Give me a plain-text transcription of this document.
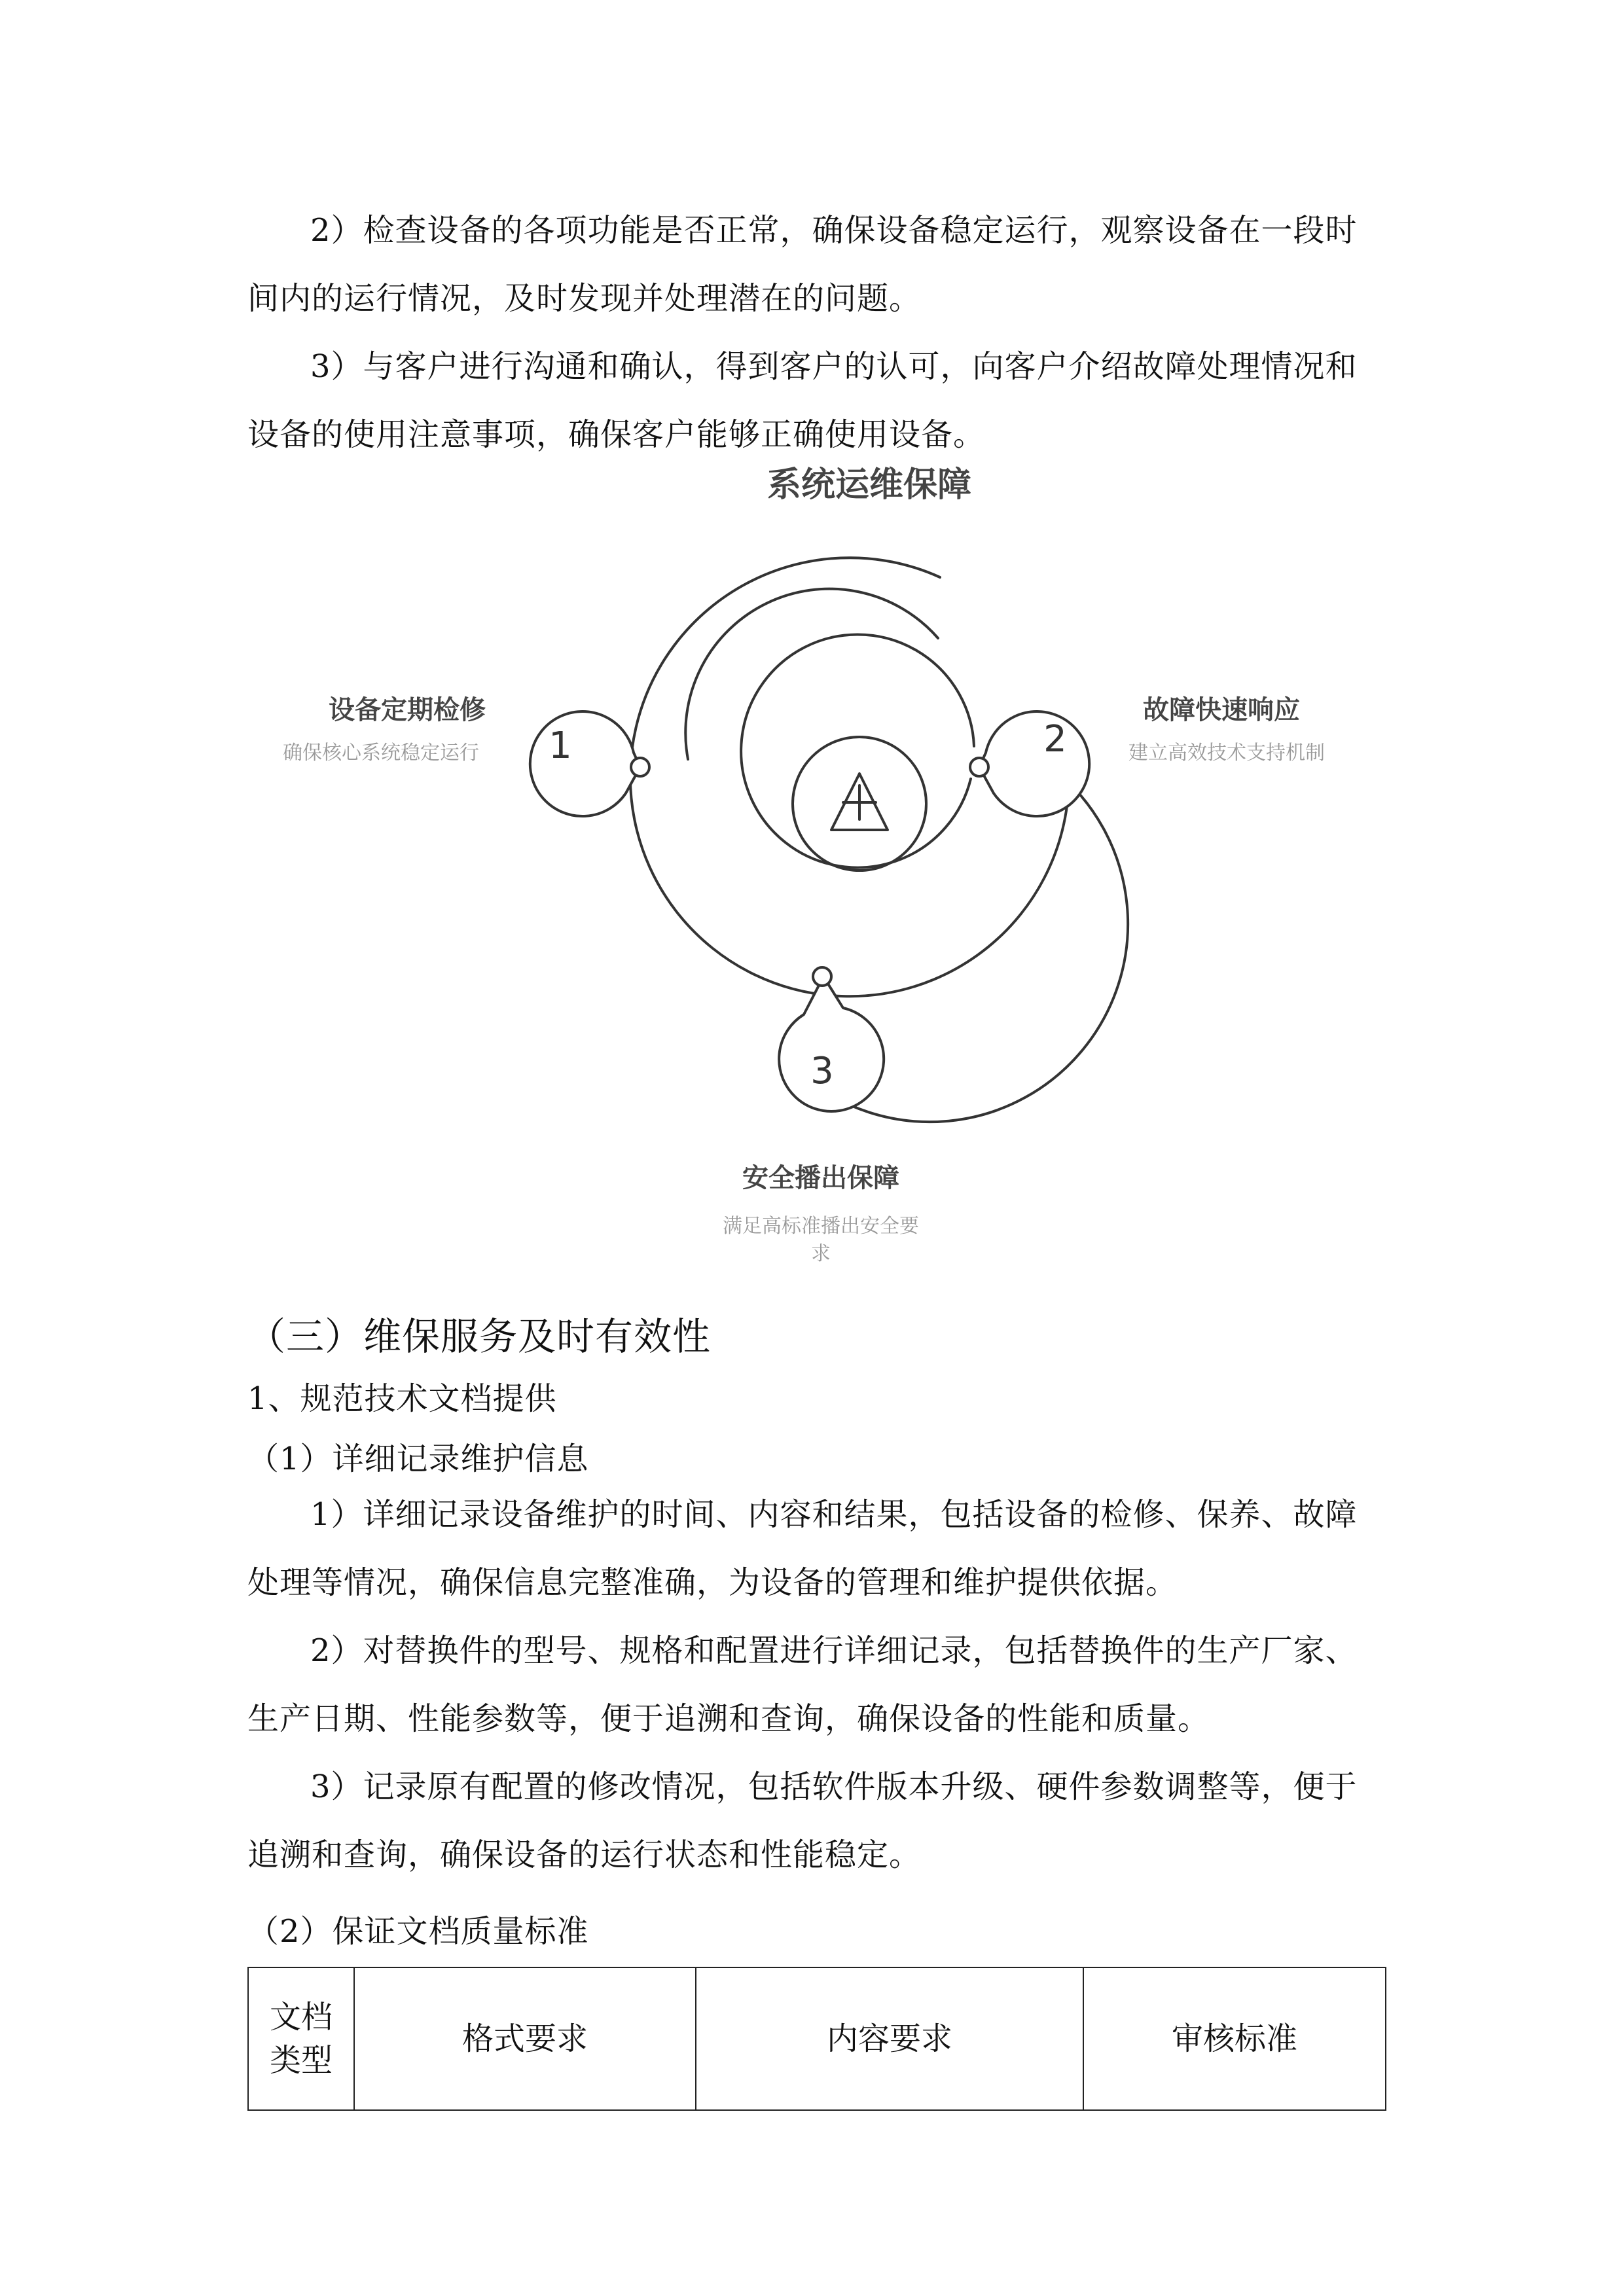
2）检查设备的各项功能是否正常，确保设备稳定运行，观察设备在一段时间内的运行情况，及时发现并处理潜在的问题。

3）与客户进行沟通和确认，得到客户的认可，向客户介绍故障处理情况和设备的使用注意事项，确保客户能够正确使用设备。

系统运维保障
1
设备定期检修
确保核心系统稳定运行	2
故障快速响应
建立高效技术支持机制
3
安全播出保障
满足高标准播出安全要
求

（三）维保服务及时有效性

1、规范技术文档提供

（1）详细记录维护信息

1）详细记录设备维护的时间、内容和结果，包括设备的检修、保养、故障处理等情况，确保信息完整准确，为设备的管理和维护提供依据。

2）对替换件的型号、规格和配置进行详细记录，包括替换件的生产厂家、生产日期、性能参数等，便于追溯和查询，确保设备的性能和质量。

3）记录原有配置的修改情况，包括软件版本升级、硬件参数调整等，便于追溯和查询，确保设备的运行状态和性能稳定。

（2）保证文档质量标准

文档类型	格式要求	内容要求	审核标准
